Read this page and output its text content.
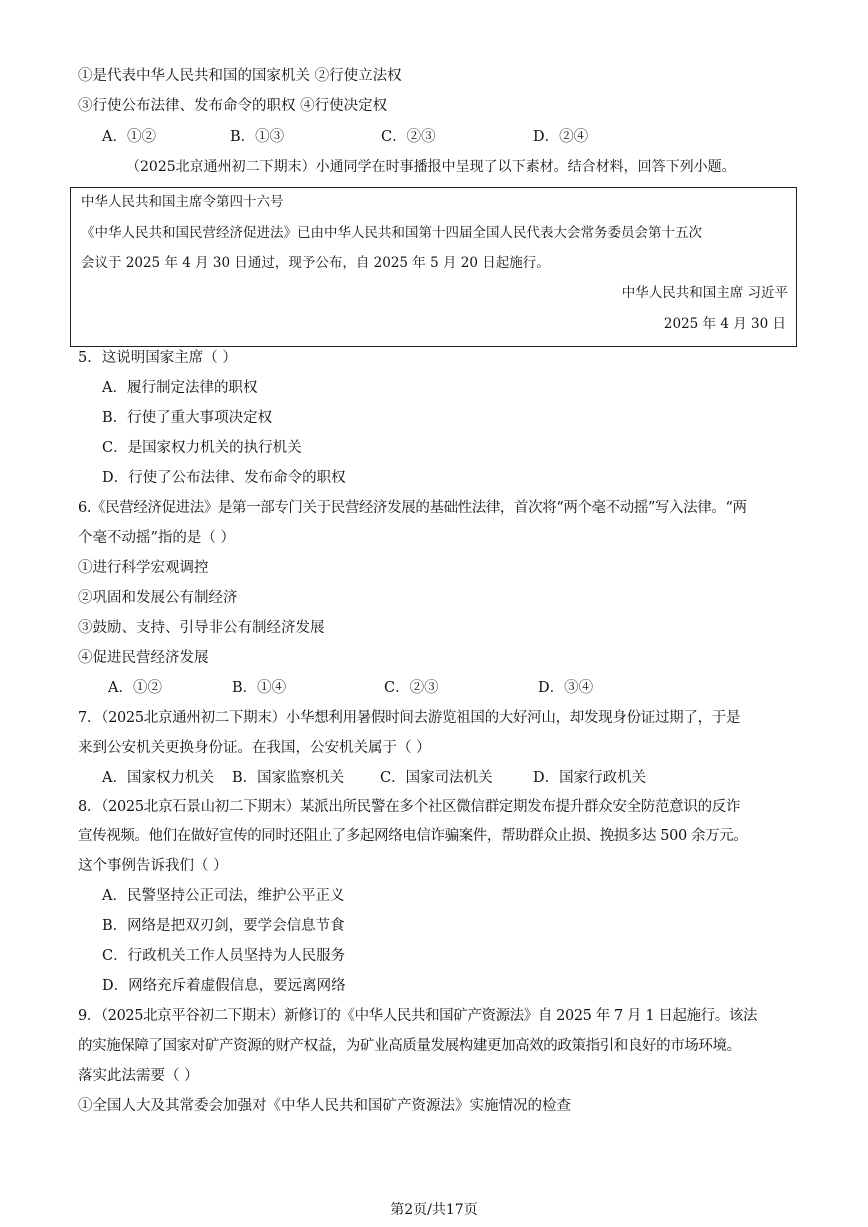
①是代表中华人民共和国的国家机关 ②行使立法权
③行使公布法律、发布命令的职权 ④行使决定权
A．①②	B．①③	C．②③	D．②④
（2025北京通州初二下期末）小通同学在时事播报中呈现了以下素材。结合材料，回答下列小题。
中华人民共和国主席令第四十六号
《中华人民共和国民营经济促进法》已由中华人民共和国第十四届全国人民代表大会常务委员会第十五次
会议于 2025 年 4 月 30 日通过，现予公布，自 2025 年 5 月 20 日起施行。
中华人民共和国主席 习近平
2025 年 4 月 30 日
5．这说明国家主席（ ）
A．履行制定法律的职权
B．行使了重大事项决定权
C．是国家权力机关的执行机关
D．行使了公布法律、发布命令的职权
6.《民营经济促进法》是第一部专门关于民营经济发展的基础性法律，首次将“两个毫不动摇”写入法律。“两
个毫不动摇”指的是（ ）
①进行科学宏观调控
②巩固和发展公有制经济
③鼓励、支持、引导非公有制经济发展
④促进民营经济发展
A．①②	B．①④	C．②③	D．③④
7．（2025北京通州初二下期末）小华想利用暑假时间去游览祖国的大好河山，却发现身份证过期了，于是
来到公安机关更换身份证。在我国，公安机关属于（ ）
A．国家权力机关 B．国家监察机关 C．国家司法机关	D．国家行政机关
8．（2025北京石景山初二下期末）某派出所民警在多个社区微信群定期发布提升群众安全防范意识的反诈
宣传视频。他们在做好宣传的同时还阻止了多起网络电信诈骗案件，帮助群众止损、挽损多达 500 余万元。
这个事例告诉我们（ ）
A．民警坚持公正司法，维护公平正义
B．网络是把双刃剑，要学会信息节食
C．行政机关工作人员坚持为人民服务
D．网络充斥着虚假信息，要远离网络
9．（2025北京平谷初二下期末）新修订的《中华人民共和国矿产资源法》自 2025 年 7 月 1 日起施行。该法
的实施保障了国家对矿产资源的财产权益，为矿业高质量发展构建更加高效的政策指引和良好的市场环境。
落实此法需要（ ）
①全国人大及其常委会加强对《中华人民共和国矿产资源法》实施情况的检查
第2页/共17页
